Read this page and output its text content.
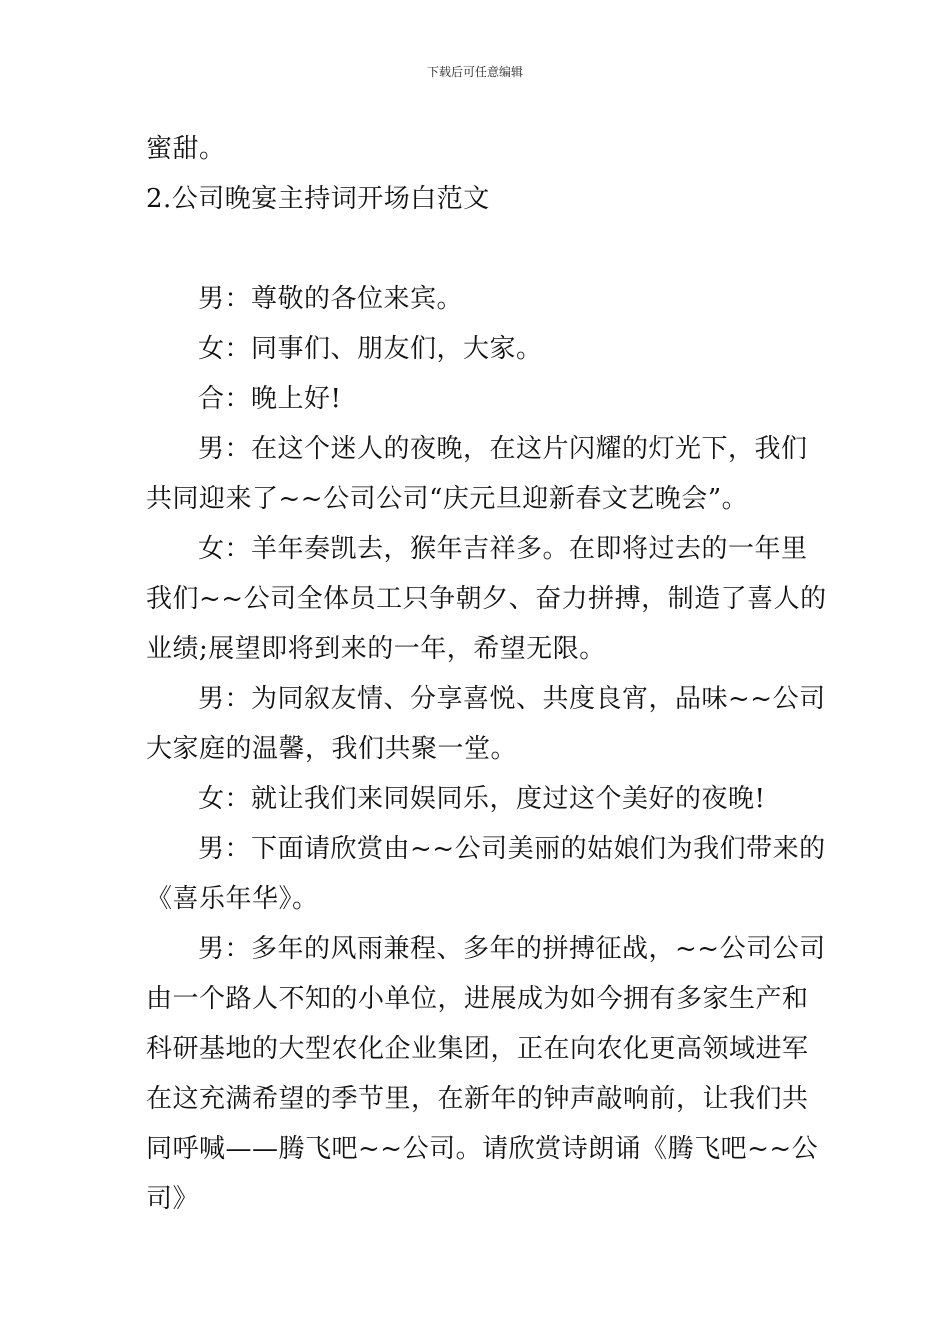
下载后可任意编辑
蜜甜。
2.公司晚宴主持词开场白范文
男：尊敬的各位来宾。
女：同事们、朋友们，大家。
合：晚上好!
男：在这个迷人的夜晚，在这片闪耀的灯光下，我们
共同迎来了~~公司公司“庆元旦迎新春文艺晚会”。
女：羊年奏凯去，猴年吉祥多。在即将过去的一年里
我们~~公司全体员工只争朝夕、奋力拼搏，制造了喜人的
业绩;展望即将到来的一年，希望无限。
男：为同叙友情、分享喜悦、共度良宵，品味~~公司
大家庭的温馨，我们共聚一堂。
女：就让我们来同娱同乐，度过这个美好的夜晚!
男：下面请欣赏由~~公司美丽的姑娘们为我们带来的
《喜乐年华》。
男：多年的风雨兼程、多年的拼搏征战，~~公司公司
由一个路人不知的小单位，进展成为如今拥有多家生产和
科研基地的大型农化企业集团，正在向农化更高领域进军
在这充满希望的季节里，在新年的钟声敲响前，让我们共
同呼喊——腾飞吧~~公司。请欣赏诗朗诵《腾飞吧~~公
司》
